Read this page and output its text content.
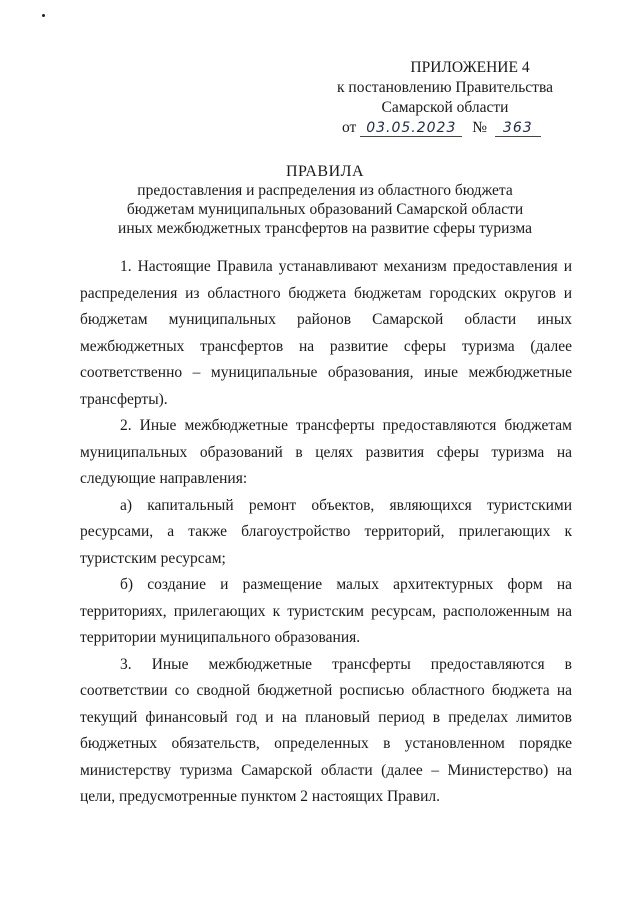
ПРИЛОЖЕНИЕ 4
к постановлению Правительства
Самарской области
от 03.05.2023 № 363
ПРАВИЛА
предоставления и распределения из областного бюджета
бюджетам муниципальных образований Самарской области
иных межбюджетных трансфертов на развитие сферы туризма

1. Настоящие Правила устанавливают механизм предоставления и распределения из областного бюджета бюджетам городских округов и бюджетам муниципальных районов Самарской области иных межбюджетных трансфертов на развитие сферы туризма (далее соответственно – муниципальные образования, иные межбюджетные трансферты).

2. Иные межбюджетные трансферты предоставляются бюджетам муниципальных образований в целях развития сферы туризма на следующие направления:

а) капитальный ремонт объектов, являющихся туристскими ресурсами, а также благоустройство территорий, прилегающих к туристским ресурсам;

б) создание и размещение малых архитектурных форм на территориях, прилегающих к туристским ресурсам, расположенным на территории муниципального образования.

3. Иные межбюджетные трансферты предоставляются в соответствии со сводной бюджетной росписью областного бюджета на текущий финансовый год и на плановый период в пределах лимитов бюджетных обязательств, определенных в установленном порядке министерству туризма Самарской области (далее – Министерство) на цели, предусмотренные пунктом 2 настоящих Правил.
